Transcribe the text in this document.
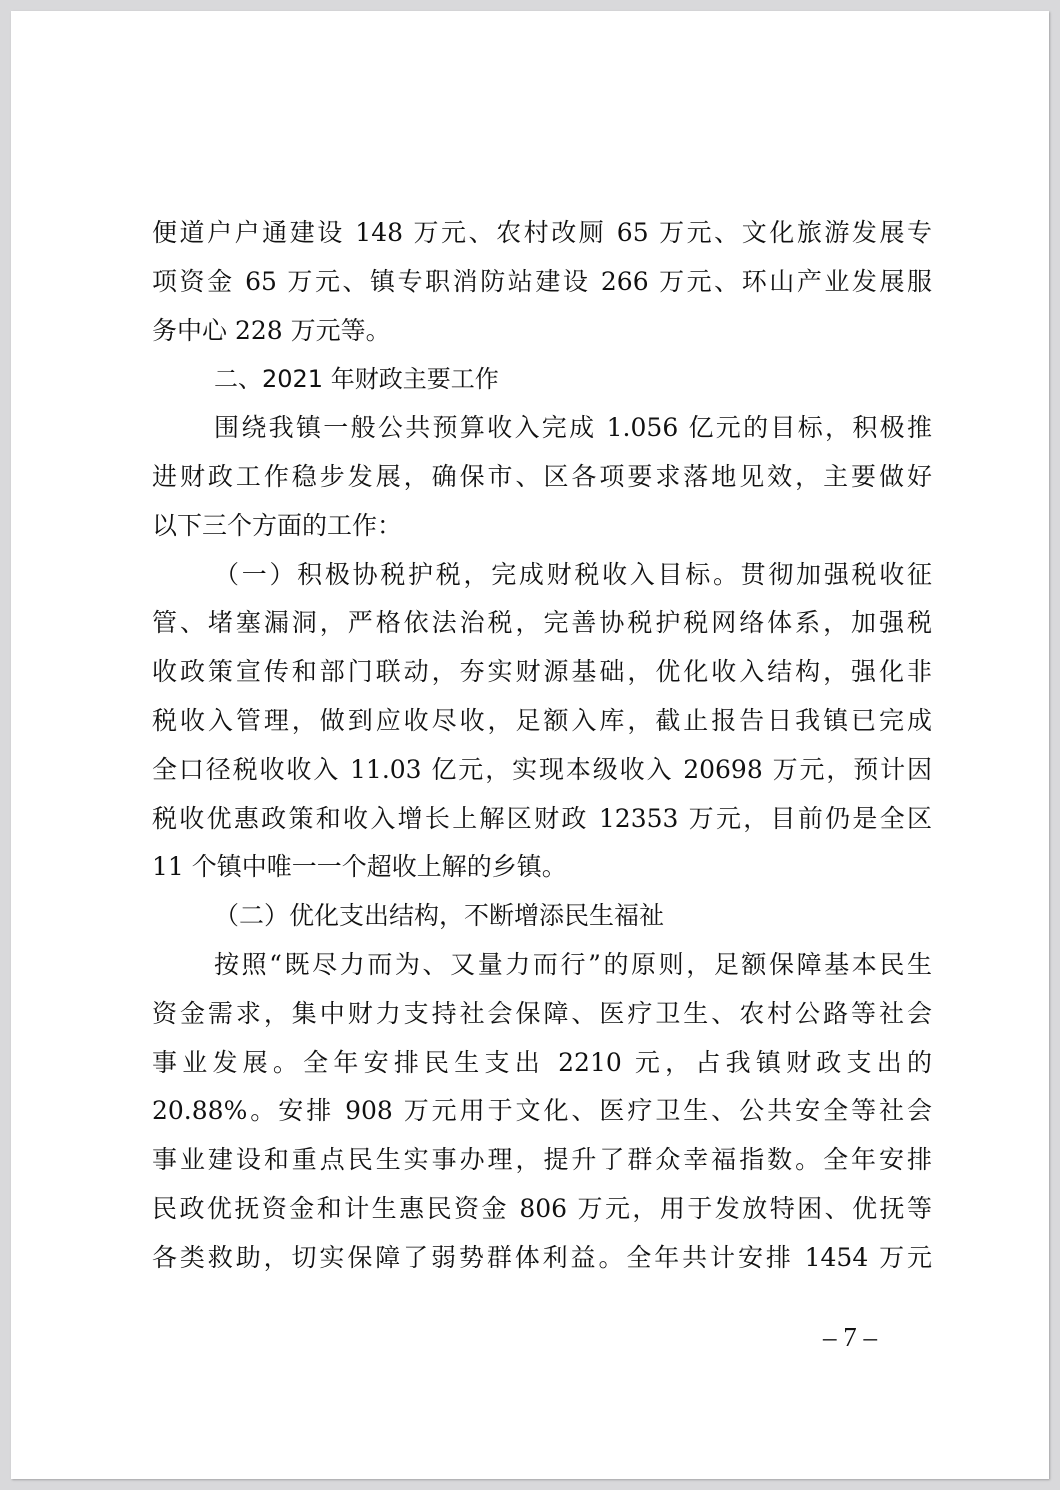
便道户户通建设 148 万元、农村改厕 65 万元、文化旅游发展专
项资金 65 万元、镇专职消防站建设 266 万元、环山产业发展服
务中心 228 万元等。
二、2021 年财政主要工作
围绕我镇一般公共预算收入完成 1.056 亿元的目标，积极推
进财政工作稳步发展，确保市、区各项要求落地见效，主要做好
以下三个方面的工作：
（一）积极协税护税，完成财税收入目标。贯彻加强税收征
管、堵塞漏洞，严格依法治税，完善协税护税网络体系，加强税
收政策宣传和部门联动，夯实财源基础，优化收入结构，强化非
税收入管理，做到应收尽收，足额入库，截止报告日我镇已完成
全口径税收收入 11.03 亿元，实现本级收入 20698 万元，预计因
税收优惠政策和收入增长上解区财政 12353 万元，目前仍是全区
11 个镇中唯一一个超收上解的乡镇。
（二）优化支出结构，不断增添民生福祉
按照“既尽力而为、又量力而行”的原则，足额保障基本民生
资金需求，集中财力支持社会保障、医疗卫生、农村公路等社会
事业发展。全年安排民生支出 2210 元，占我镇财政支出的
20.88%。安排 908 万元用于文化、医疗卫生、公共安全等社会
事业建设和重点民生实事办理，提升了群众幸福指数。全年安排
民政优抚资金和计生惠民资金 806 万元，用于发放特困、优抚等
各类救助，切实保障了弱势群体利益。全年共计安排 1454 万元
– 7 –
